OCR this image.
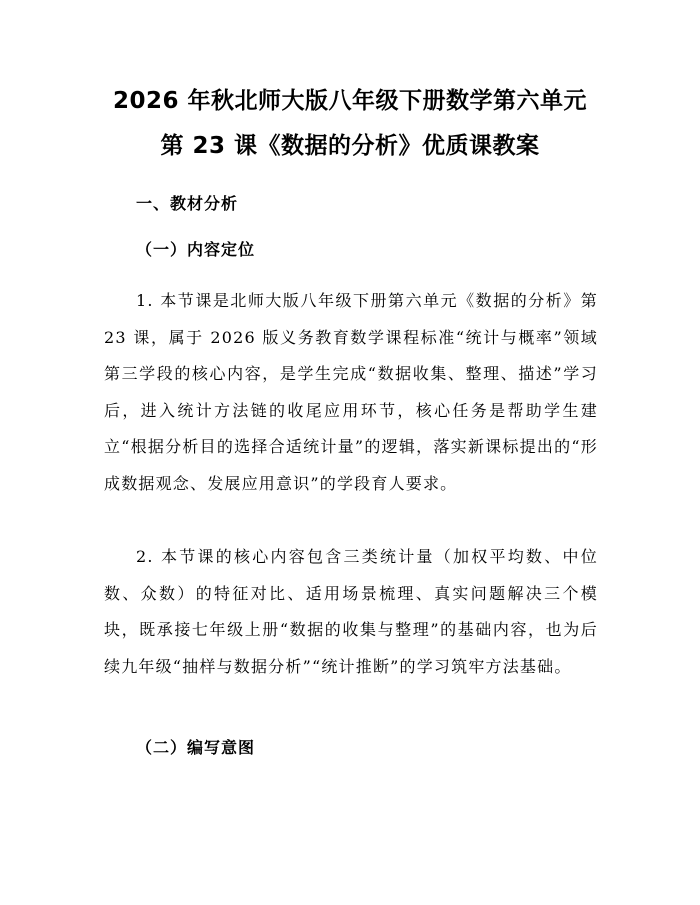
2026 年秋北师大版八年级下册数学第六单元
第 23 课《数据的分析》优质课教案
一、教材分析
（一）内容定位

1. 本节课是北师大版八年级下册第六单元《数据的分析》第 23 课，属于 2026 版义务教育数学课程标准“统计与概率”领域第三学段的核心内容，是学生完成“数据收集、整理、描述”学习后，进入统计方法链的收尾应用环节，核心任务是帮助学生建立“根据分析目的选择合适统计量”的逻辑，落实新课标提出的“形成数据观念、发展应用意识”的学段育人要求。

2. 本节课的核心内容包含三类统计量（加权平均数、中位数、众数）的特征对比、适用场景梳理、真实问题解决三个模块，既承接七年级上册“数据的收集与整理”的基础内容，也为后续九年级“抽样与数据分析”“统计推断”的学习筑牢方法基础。

（二）编写意图
